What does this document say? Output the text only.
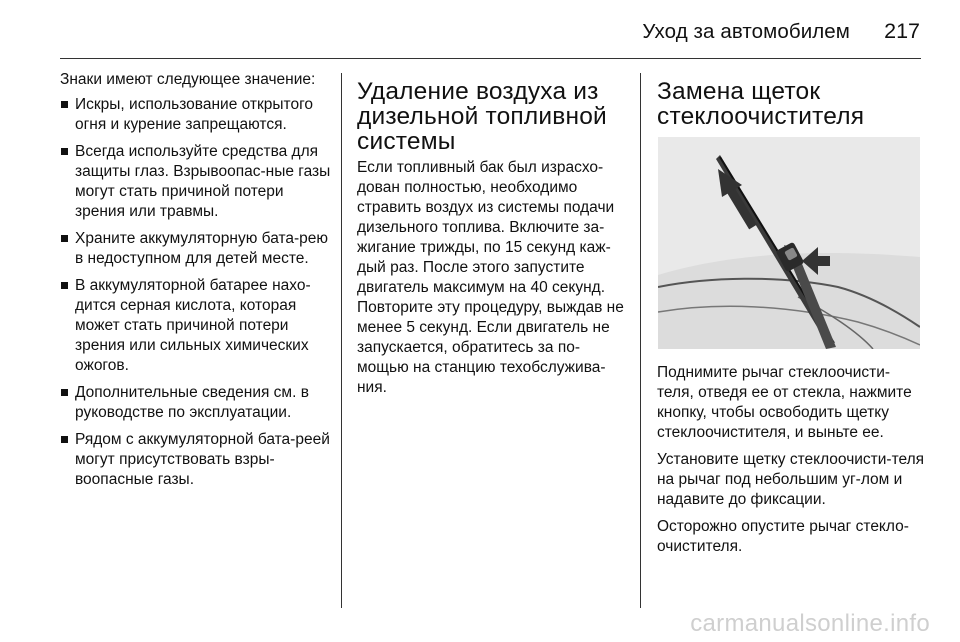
Уход за автомобилем	217

Знаки имеют следующее значение:

Искры, использование открытого огня и курение запрещаются.
Всегда используйте средства для защиты глаз. Взрывоопас-ные газы могут стать причиной потери зрения или травмы.
Храните аккумуляторную бата-рею в недоступном для детей месте.
В аккумуляторной батарее нахо-дится серная кислота, которая может стать причиной потери зрения или сильных химических ожогов.
Дополнительные сведения см. в руководстве по эксплуатации.
Рядом с аккумуляторной бата-реей могут присутствовать взры-воопасные газы.
Удаление воздуха из дизельной топливной системы

Если топливный бак был израсхо-дован полностью, необходимо стравить воздух из системы подачи дизельного топлива. Включите за-жигание трижды, по 15 секунд каж-дый раз. После этого запустите двигатель максимум на 40 секунд. Повторите эту процедуру, выждав не менее 5 секунд. Если двигатель не запускается, обратитесь за по-мощью на станцию техобслужива-ния.

Замена щеток стеклоочистителя

Поднимите рычаг стеклоочисти-теля, отведя ее от стекла, нажмите кнопку, чтобы освободить щетку стеклоочистителя, и выньте ее.

Установите щетку стеклоочисти-теля на рычаг под небольшим уг-лом и надавите до фиксации.

Осторожно опустите рычаг стекло-очистителя.

carmanualsonline.info
